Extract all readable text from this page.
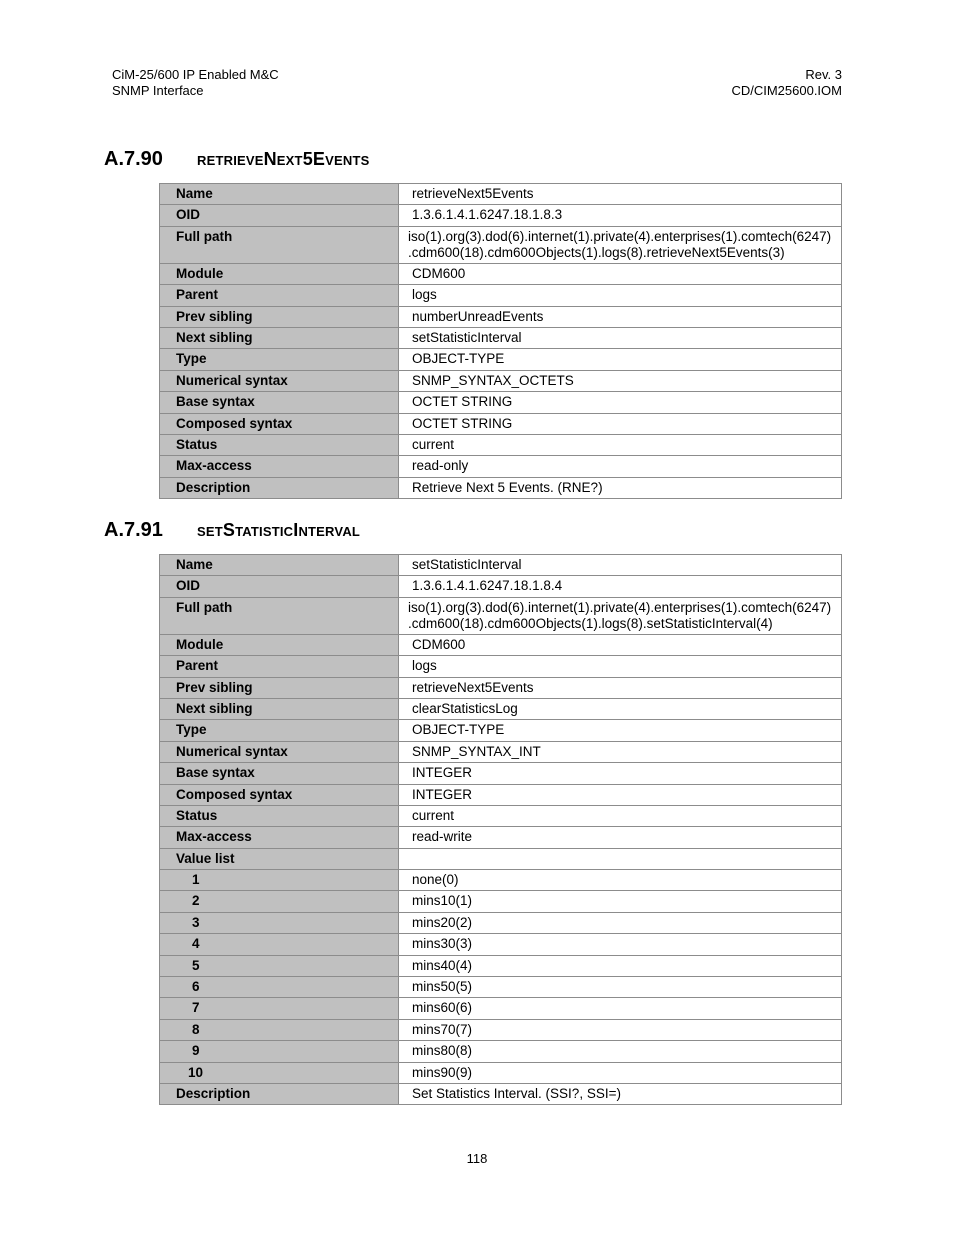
CiM-25/600 IP Enabled M&C
SNMP Interface
Rev. 3
CD/CIM25600.IOM
A.7.90	retrieveNext5Events
Name	retrieveNext5Events
OID	1.3.6.1.4.1.6247.18.1.8.3
Full path	iso(1).org(3).dod(6).internet(1).private(4).enterprises(1).comtech(6247)
.cdm600(18).cdm600Objects(1).logs(8).retrieveNext5Events(3)

Module	CDM600
Parent	logs
Prev sibling	numberUnreadEvents
Next sibling	setStatisticInterval
Type	OBJECT-TYPE
Numerical syntax	SNMP_SYNTAX_OCTETS
Base syntax	OCTET STRING
Composed syntax	OCTET STRING
Status	current
Max-access	read-only
Description	Retrieve Next 5 Events. (RNE?)
A.7.91	setStatisticInterval
Name	setStatisticInterval
OID	1.3.6.1.4.1.6247.18.1.8.4
Full path	iso(1).org(3).dod(6).internet(1).private(4).enterprises(1).comtech(6247)
.cdm600(18).cdm600Objects(1).logs(8).setStatisticInterval(4)

Module	CDM600
Parent	logs
Prev sibling	retrieveNext5Events
Next sibling	clearStatisticsLog
Type	OBJECT-TYPE
Numerical syntax	SNMP_SYNTAX_INT
Base syntax	INTEGER
Composed syntax	INTEGER
Status	current
Max-access	read-write
Value list	
1	none(0)
2	mins10(1)
3	mins20(2)
4	mins30(3)
5	mins40(4)
6	mins50(5)
7	mins60(6)
8	mins70(7)
9	mins80(8)
10	mins90(9)
Description	Set Statistics Interval. (SSI?, SSI=)
118
